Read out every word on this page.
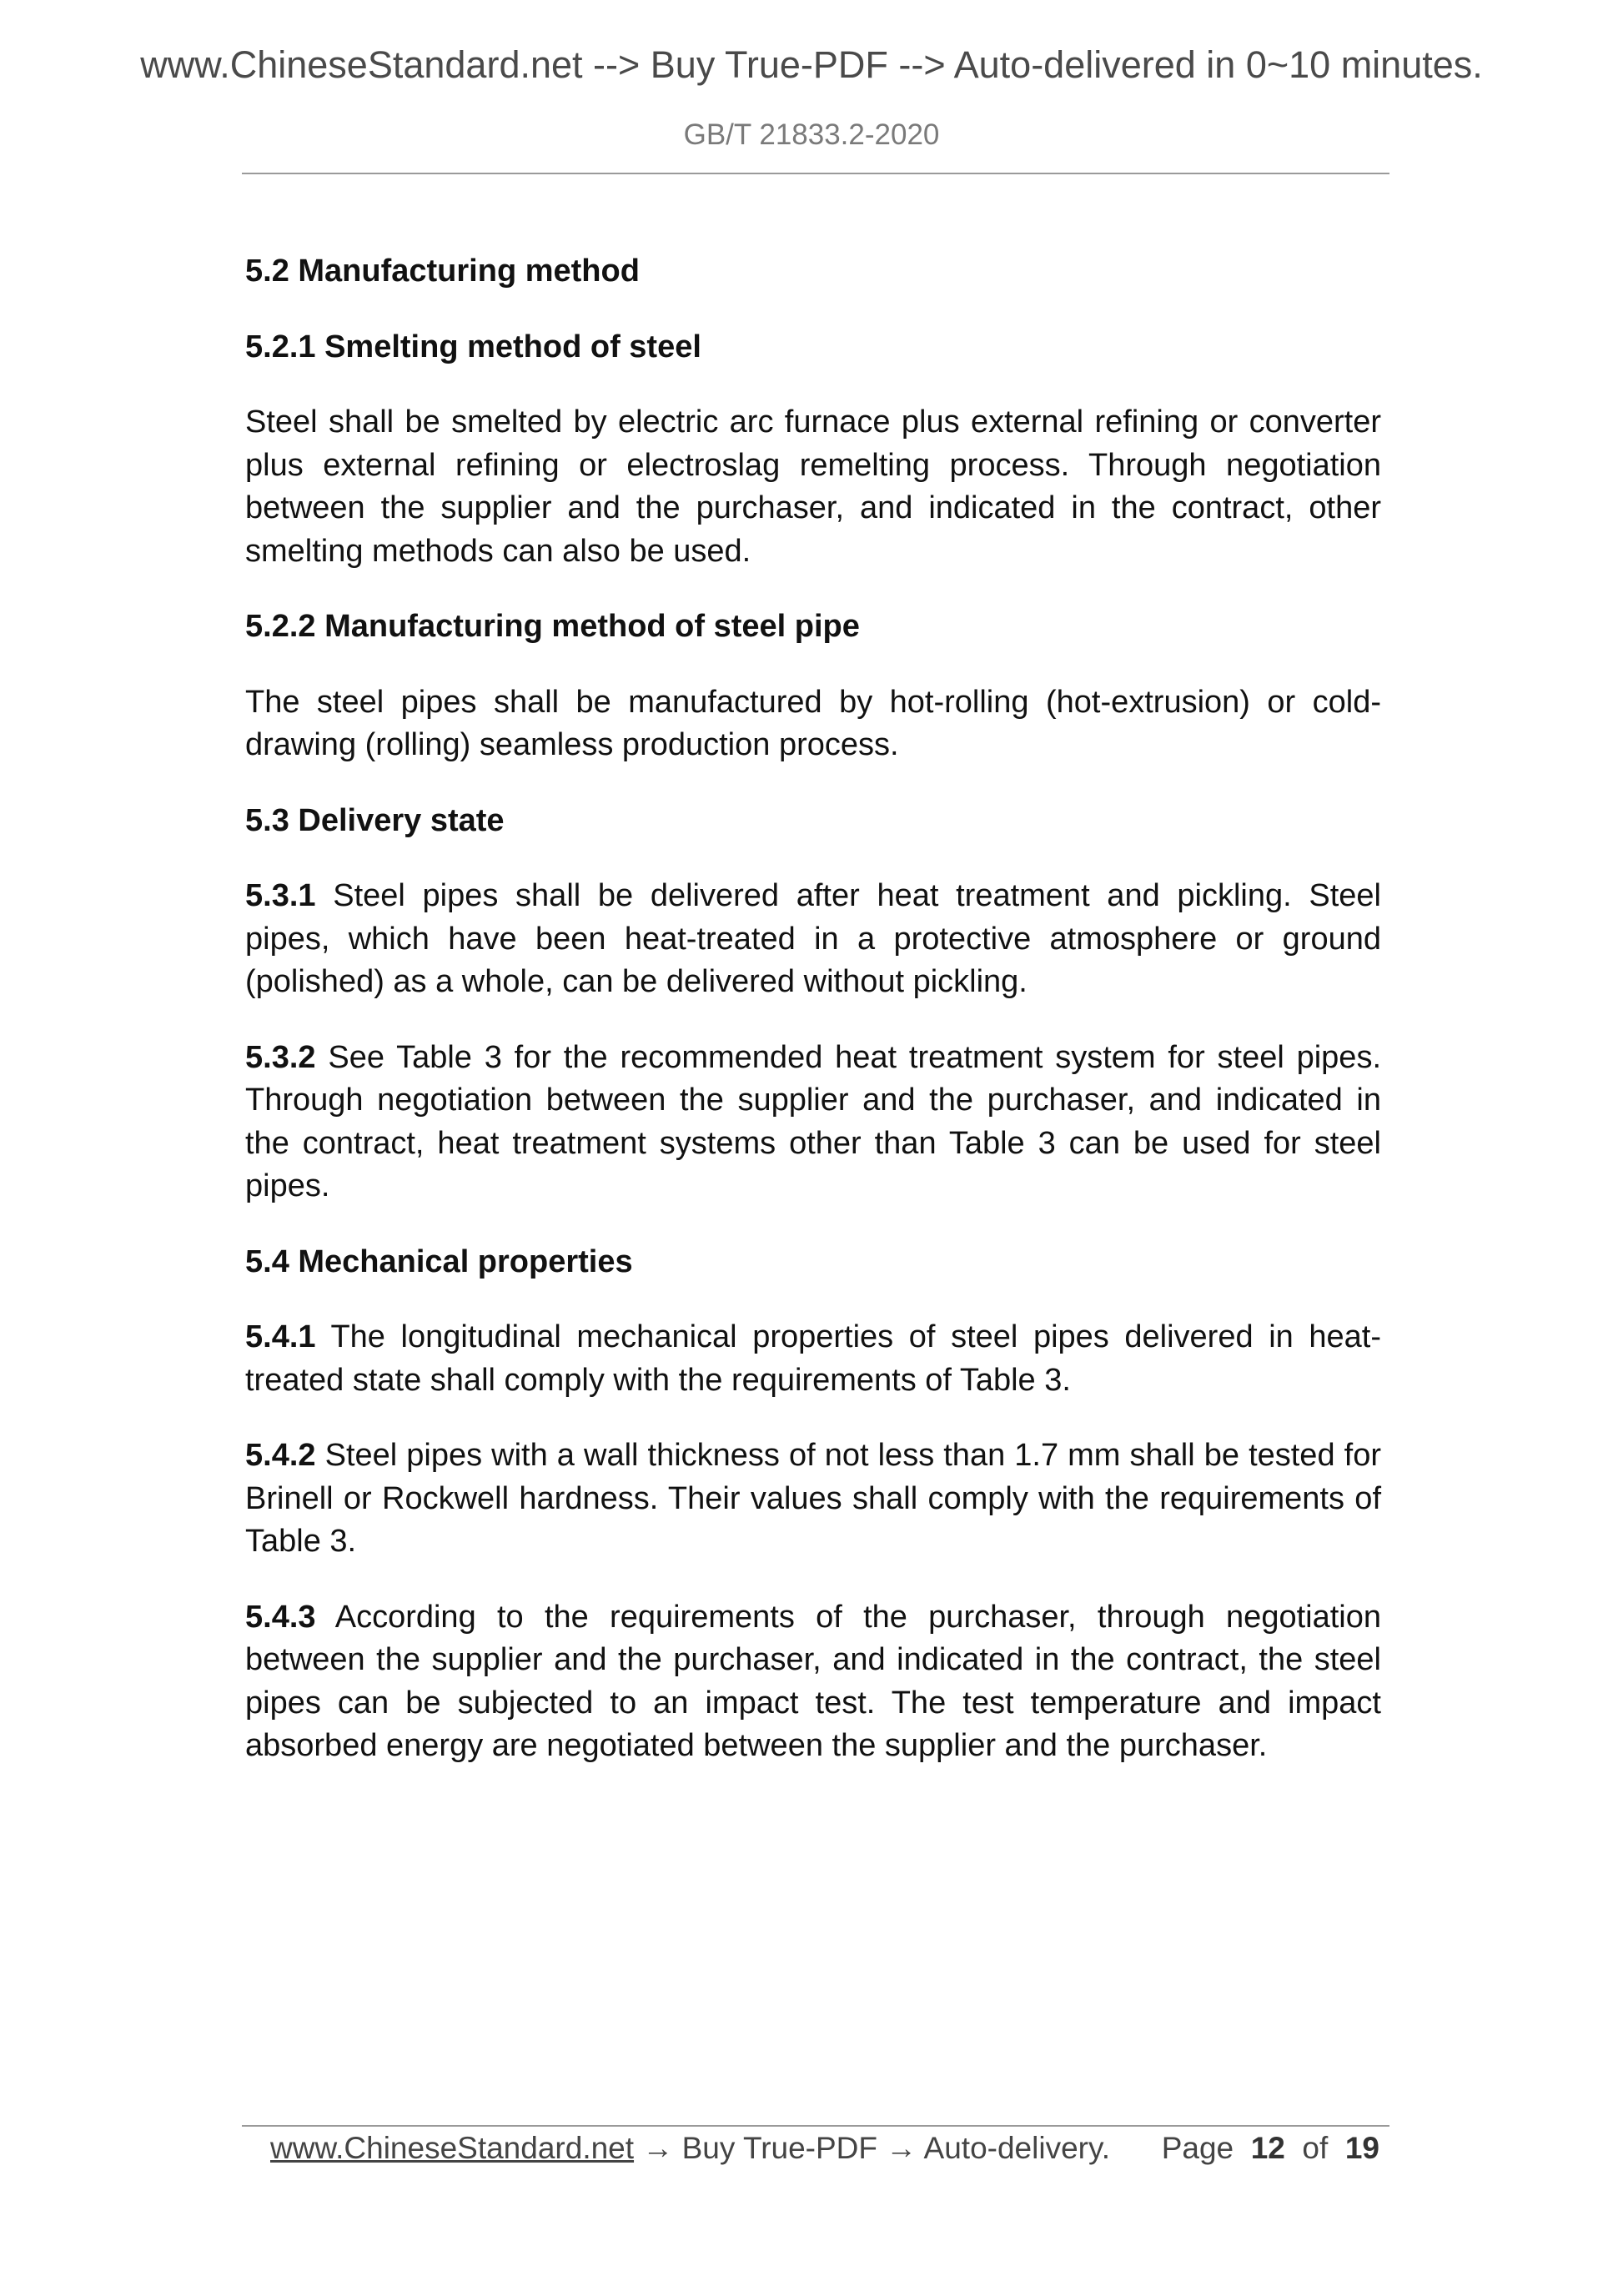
www.ChineseStandard.net --> Buy True-PDF --> Auto-delivered in 0~10 minutes.
GB/T 21833.2-2020
5.2 Manufacturing method
5.2.1 Smelting method of steel

Steel shall be smelted by electric arc furnace plus external refining or converter plus external refining or electroslag remelting process. Through negotiation between the supplier and the purchaser, and indicated in the contract, other smelting methods can also be used.

5.2.2 Manufacturing method of steel pipe

The steel pipes shall be manufactured by hot-rolling (hot-extrusion) or cold-drawing (rolling) seamless production process.

5.3 Delivery state

5.3.1 Steel pipes shall be delivered after heat treatment and pickling. Steel pipes, which have been heat-treated in a protective atmosphere or ground (polished) as a whole, can be delivered without pickling.

5.3.2 See Table 3 for the recommended heat treatment system for steel pipes. Through negotiation between the supplier and the purchaser, and indicated in the contract, heat treatment systems other than Table 3 can be used for steel pipes.

5.4 Mechanical properties

5.4.1 The longitudinal mechanical properties of steel pipes delivered in heat-treated state shall comply with the requirements of Table 3.

5.4.2 Steel pipes with a wall thickness of not less than 1.7 mm shall be tested for Brinell or Rockwell hardness. Their values shall comply with the requirements of Table 3.

5.4.3 According to the requirements of the purchaser, through negotiation between the supplier and the purchaser, and indicated in the contract, the steel pipes can be subjected to an impact test. The test temperature and impact absorbed energy are negotiated between the supplier and the purchaser.

www.ChineseStandard.net → Buy True-PDF → Auto-delivery. Page 12 of 19
